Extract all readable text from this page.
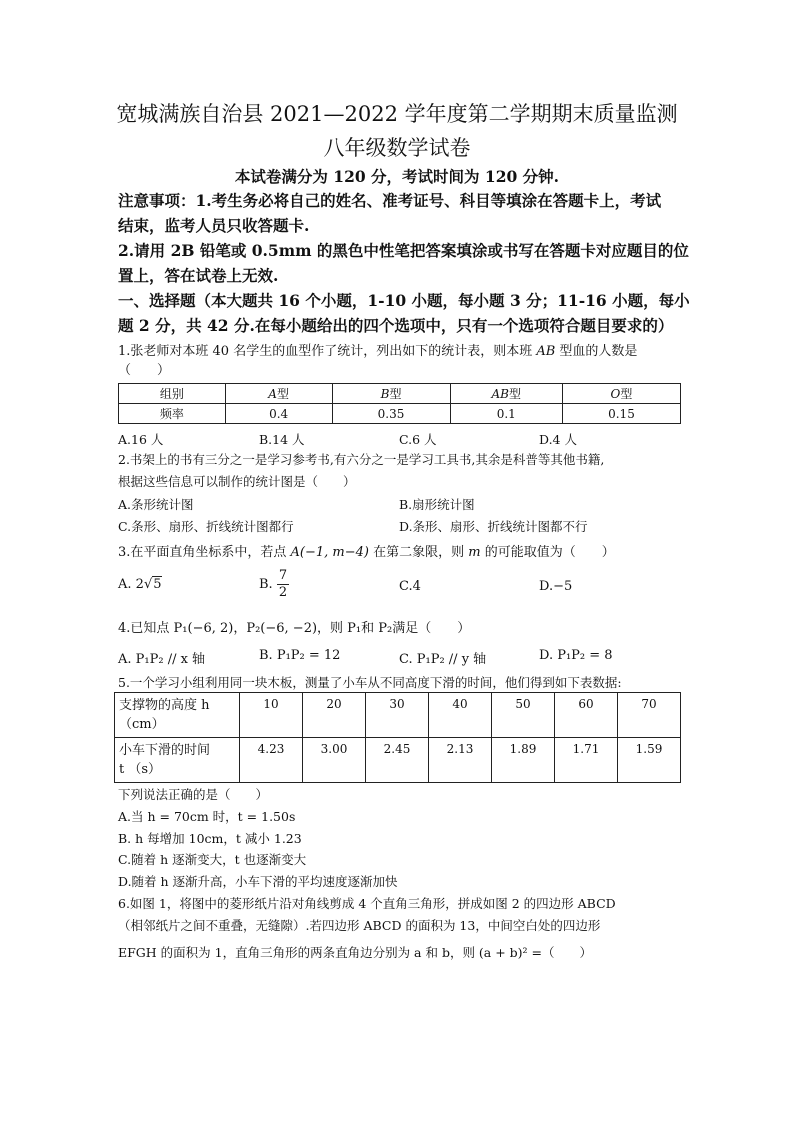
宽城满族自治县 2021—2022 学年度第二学期期末质量监测
八年级数学试卷
本试卷满分为 120 分，考试时间为 120 分钟.
注意事项：1.考生务必将自己的姓名、准考证号、科目等填涂在答题卡上，考试
结束，监考人员只收答题卡.
2.请用 2B 铅笔或 0.5mm 的黑色中性笔把答案填涂或书写在答题卡对应题目的位
置上，答在试卷上无效.
一、选择题（本大题共 16 个小题，1-10 小题，每小题 3 分；11-16 小题，每小
题 2 分，共 42 分.在每小题给出的四个选项中，只有一个选项符合题目要求的）
1.张老师对本班 40 名学生的血型作了统计，列出如下的统计表，则本班 AB 型血的人数是
（　　）
组别	A型	B型	AB型	O型
频率	0.4	0.35	0.1	0.15
A.16 人	B.14 人	C.6 人	D.4 人
2.书架上的书有三分之一是学习参考书,有六分之一是学习工具书,其余是科普等其他书籍,
根据这些信息可以制作的统计图是（　　）
A.条形统计图	B.扇形统计图
C.条形、扇形、折线统计图都行	D.条形、扇形、折线统计图都不行
3.在平面直角坐标系中，若点 A(−1, m−4) 在第二象限，则 m 的可能取值为（　　）
A. 2√5	B. $\frac{7}{2}$	C.4	D.−5
4.已知点 P₁(−6, 2)，P₂(−6, −2)，则 P₁和 P₂满足（　　）
A. P₁P₂ // x 轴	B. P₁P₂ = 12	C. P₁P₂ // y 轴	D. P₁P₂ = 8
5.一个学习小组利用同一块木板，测量了小车从不同高度下滑的时间，他们得到如下表数据:
支撑物的高度 h
（cm）	10	20	30	40	50	60	70
小车下滑的时间
t （s）	4.23	3.00	2.45	2.13	1.89	1.71	1.59
下列说法正确的是（　　）
A.当 h = 70cm 时，t = 1.50s
B. h 每增加 10cm，t 减小 1.23
C.随着 h 逐渐变大，t 也逐渐变大
D.随着 h 逐渐升高，小车下滑的平均速度逐渐加快
6.如图 1，将图中的菱形纸片沿对角线剪成 4 个直角三角形，拼成如图 2 的四边形 ABCD
（相邻纸片之间不重叠，无缝隙）.若四边形 ABCD 的面积为 13，中间空白处的四边形
EFGH 的面积为 1，直角三角形的两条直角边分别为 a 和 b，则 (a + b)² =（　　）
